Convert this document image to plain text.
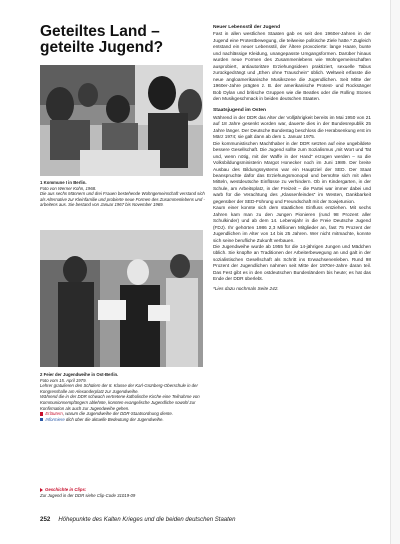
Geteiltes Land – geteilte Jugend?
1 Kommune I in Berlin.
Foto von Werner Kohn, 1968.
Die aus sechs Männern und drei Frauen bestehende Wohngemeinschaft verstand sich als Alternative zur Kleinfamilie und probierte neue Formen des Zusammenlebens und -arbeitens aus. Sie bestand von Januar 1967 bis November 1969.
2 Feier der Jugendweihe in Ost-Berlin.
Foto vom 15. April 1979.
Lehrer gratulieren den Schülern der 8. Klasse der Karl-Grünberg-Oberschule in der Kongresshalle am Alexanderplatz zur Jugendweihe.
Während die in der DDR schwach vertretene katholische Kirche eine Teilnahme von Kommunionsempfängern ablehnte, konnten evangelische Jugendliche sowohl zur Konfirmation als auch zur Jugendweihe gehen.
Erläutern, warum die Jugendweihe der DDR-Staatsordnung diente.
Informiere dich über die aktuelle Bedeutung der Jugendweihe.
Geschichte in Clips:
Zur Jugend in der DDR siehe Clip-Code 31019-09
Neuer Lebensstil der Jugend

Fast in allen westlichen Staaten gab es seit den 1960er-Jahren in der Jugend eine Protestbewegung, die teilweise politische Ziele hatte.* Zugleich entstand ein neuer Lebensstil, der Ältere provozierte: lange Haare, bunte und nachlässige Kleidung, unangepasste Umgangsformen. Darüber hinaus wurden neue Formen des Zusammenlebens wie Wohngemeinschaften ausprobiert, antiautoritäre Erziehungsideen praktiziert, sexuelle Tabus zurückgedrängt und „Ehen ohne Trauschein“ üblich. Weltweit erfasste die neue angloamerikanische Musikszene die Jugendlichen. Seit Mitte der 1960er-Jahre prägten z. B. der amerikanische Protest- und Rocksänger Bob Dylan und britische Gruppen wie die Beatles oder die Rolling Stones den Musikgeschmack in beiden deutschen Staaten.

Staatsjugend im Osten

Während in der DDR das Alter der Volljährigkeit bereits im Mai 1950 von 21 auf 18 Jahre gesenkt worden war, dauerte dies in der Bundesrepublik 25 Jahre länger. Der Deutsche Bundestag beschloss die Herabsenkung erst im März 1974; sie galt dann ab dem 1. Januar 1975.

Die kommunistischen Machthaber in der DDR setzten auf eine ungebildete bessere Gesellschaft. Die Jugend sollte zum Sozialismus „mit Wort und Tat und, wenn nötig, mit der Waffe in der Hand“ erzogen werden – so die Volksbildungsministerin Margot Honecker noch im Juni 1989. Der breite Ausbau des Bildungssystems war ein Hauptziel der SED. Der Staat beanspruchte dafür das Erziehungsmonopol und bemühte sich mit allen Mitteln, westdeutsche Einflüsse zu verhindern. Ob im Kindergarten, in der Schule, am Arbeitsplatz, in der Freizeit – die Partei war immer dabei und warb für die Verachtung des „Klassenfeindes“ im Westen, Dankbarkeit gegenüber der SED-Führung und Freundschaft mit der Sowjetunion.

Kaum einer konnte sich dem staatlichen Einfluss entziehen. Mit sechs Jahren kam man zu den Jungen Pionieren (rund 98 Prozent aller Schulkinder) und ab dem 14. Lebensjahr in die Freie Deutsche Jugend (FDJ). Ihr gehörten 1986 2,3 Millionen Mitglieder an, fast 75 Prozent der Jugendlichen im Alter von 14 bis 25 Jahren. Wer nicht mitmachte, konnte sich seine berufliche Zukunft verbauen.

Die Jugendweihe wurde ab 1955 für die 14-jährigen Jungen und Mädchen üblich. Sie knüpfte an Traditionen der Arbeiterbewegung an und galt in der sozialistischen Gesellschaft als Schritt ins Erwachsenenleben. Rund 98 Prozent der Jugendlichen nahmen seit Mitte der 1970er-Jahre daran teil. Das Fest gibt es in den ostdeutschen Bundesländern bis heute; es hat das Ende der DDR überlebt.

*Lies dazu nochmals Seite 242.

252 Höhepunkte des Kalten Krieges und die beiden deutschen Staaten
